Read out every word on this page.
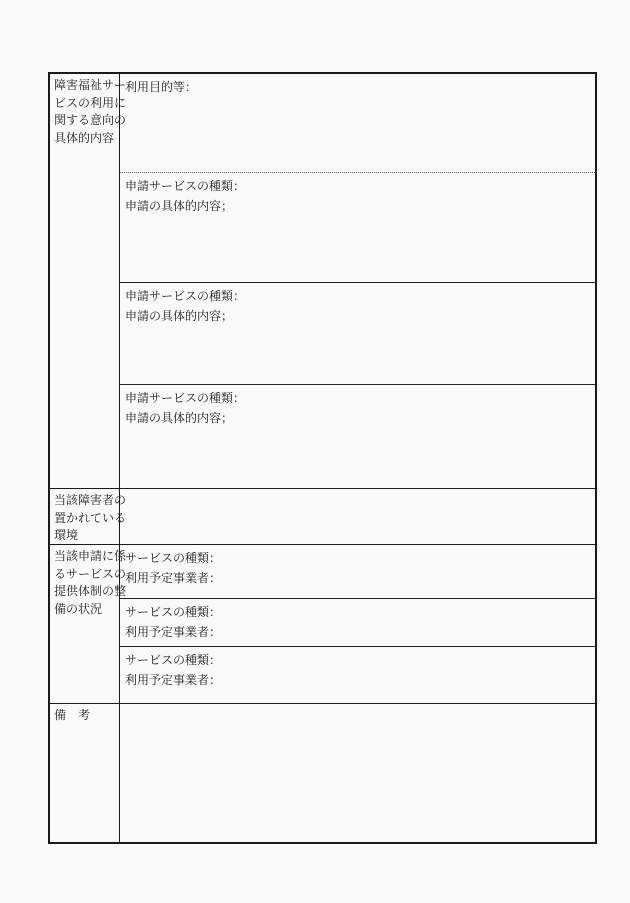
障害福祉サー
ビスの利用に
関する意向の
具体的内容
利用目的等：
申請サービスの種類：
申請の具体的内容；
申請サービスの種類：
申請の具体的内容；
申請サービスの種類：
申請の具体的内容；
当該障害者の
置かれている
環境
当該申請に係
るサービスの
提供体制の整
備の状況
サービスの種類：
利用予定事業者：
サービスの種類：
利用予定事業者：
サービスの種類：
利用予定事業者：
備　考
